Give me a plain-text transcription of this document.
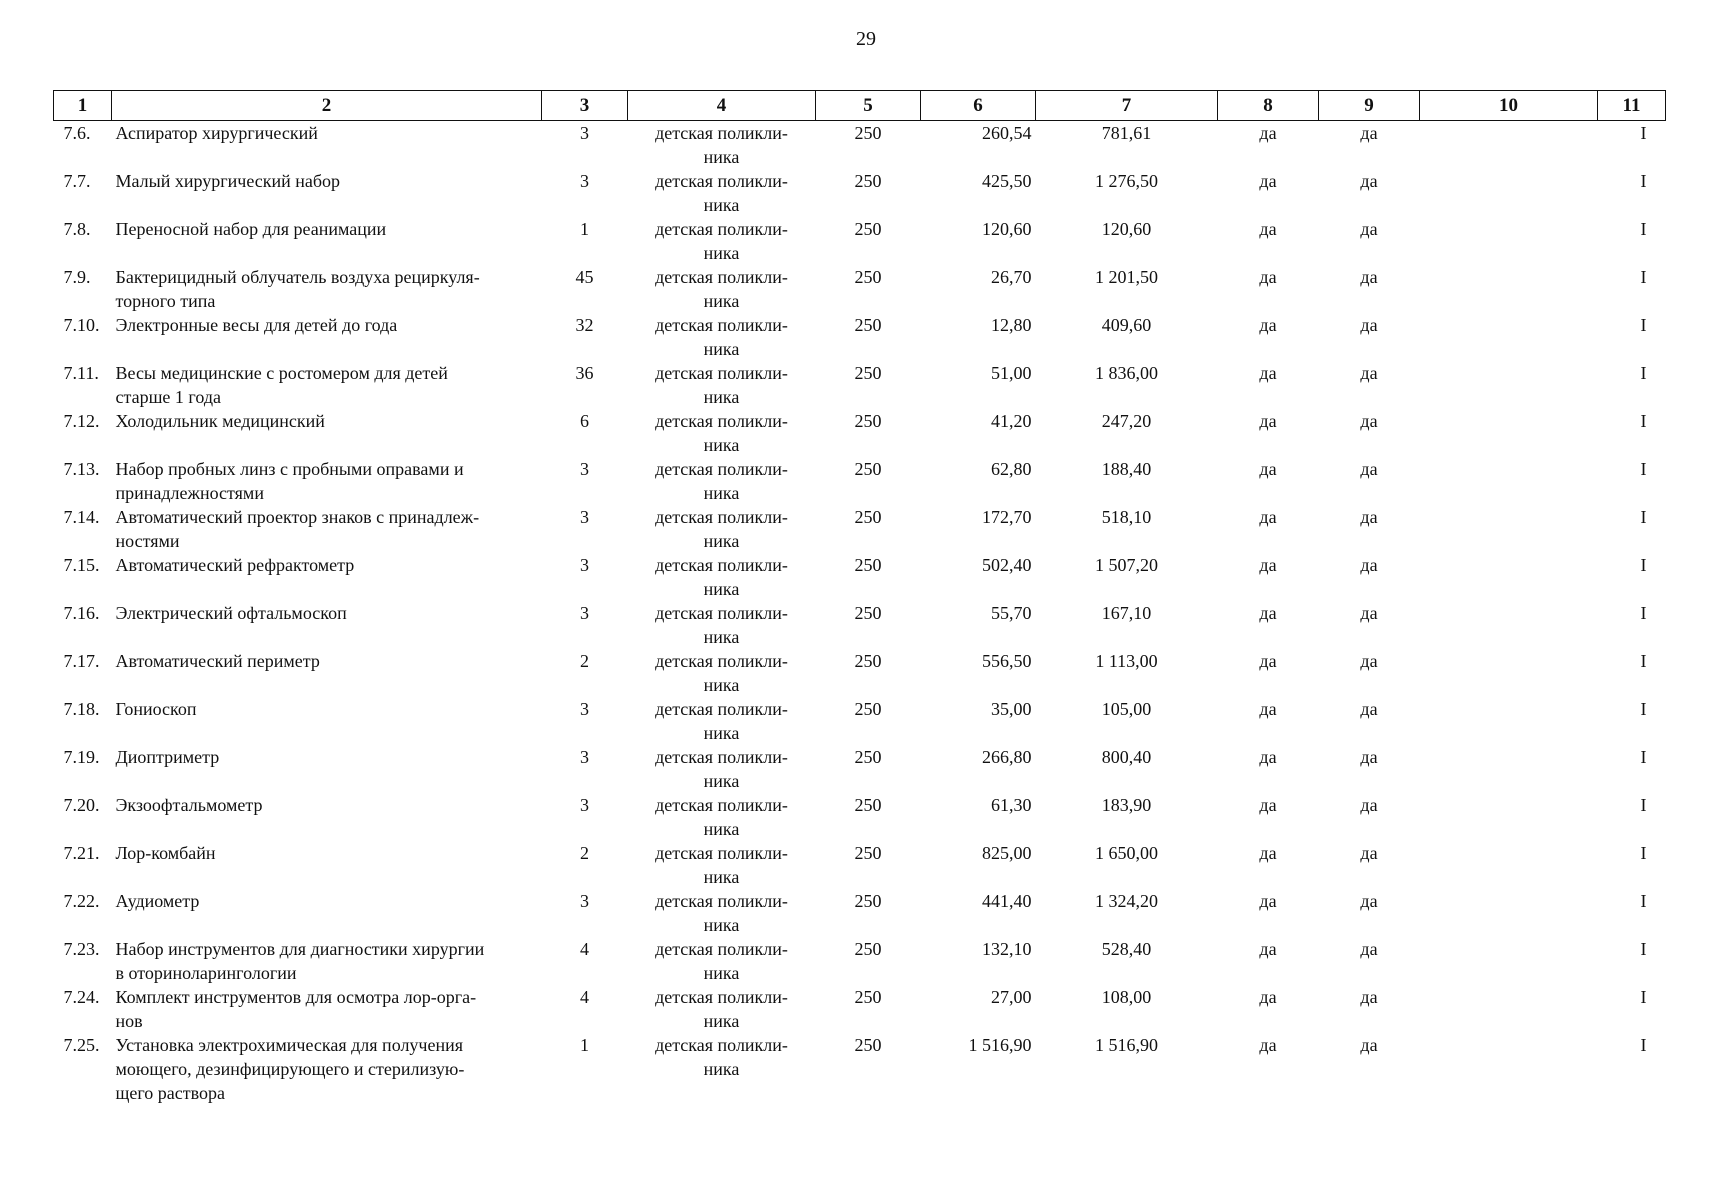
29
1	2	3	4	5	6	7	8	9	10	11
7.6.	Аспиратор хирургический	3	детская поликли-
ника	250	260,54	781,61	да	да		I
7.7.	Малый хирургический набор	3	детская поликли-
ника	250	425,50	1 276,50	да	да		I
7.8.	Переносной набор для реанимации	1	детская поликли-
ника	250	120,60	120,60	да	да		I
7.9.	Бактерицидный облучатель воздуха рециркуля-
торного типа	45	детская поликли-
ника	250	26,70	1 201,50	да	да		I
7.10.	Электронные весы для детей до года	32	детская поликли-
ника	250	12,80	409,60	да	да		I
7.11.	Весы медицинские с ростомером для детей
старше 1 года	36	детская поликли-
ника	250	51,00	1 836,00	да	да		I
7.12.	Холодильник медицинский	6	детская поликли-
ника	250	41,20	247,20	да	да		I
7.13.	Набор пробных линз с пробными оправами и
принадлежностями	3	детская поликли-
ника	250	62,80	188,40	да	да		I
7.14.	Автоматический проектор знаков с принадлеж-
ностями	3	детская поликли-
ника	250	172,70	518,10	да	да		I
7.15.	Автоматический рефрактометр	3	детская поликли-
ника	250	502,40	1 507,20	да	да		I
7.16.	Электрический офтальмоскоп	3	детская поликли-
ника	250	55,70	167,10	да	да		I
7.17.	Автоматический периметр	2	детская поликли-
ника	250	556,50	1 113,00	да	да		I
7.18.	Гониоскоп	3	детская поликли-
ника	250	35,00	105,00	да	да		I
7.19.	Диоптриметр	3	детская поликли-
ника	250	266,80	800,40	да	да		I
7.20.	Экзоофтальмометр	3	детская поликли-
ника	250	61,30	183,90	да	да		I
7.21.	Лор-комбайн	2	детская поликли-
ника	250	825,00	1 650,00	да	да		I
7.22.	Аудиометр	3	детская поликли-
ника	250	441,40	1 324,20	да	да		I
7.23.	Набор инструментов для диагностики хирургии
в оториноларингологии	4	детская поликли-
ника	250	132,10	528,40	да	да		I
7.24.	Комплект инструментов для осмотра лор-орга-
нов	4	детская поликли-
ника	250	27,00	108,00	да	да		I
7.25.	Установка электрохимическая для получения
моющего, дезинфицирующего и стерилизую-
щего раствора	1	детская поликли-
ника	250	1 516,90	1 516,90	да	да		I
